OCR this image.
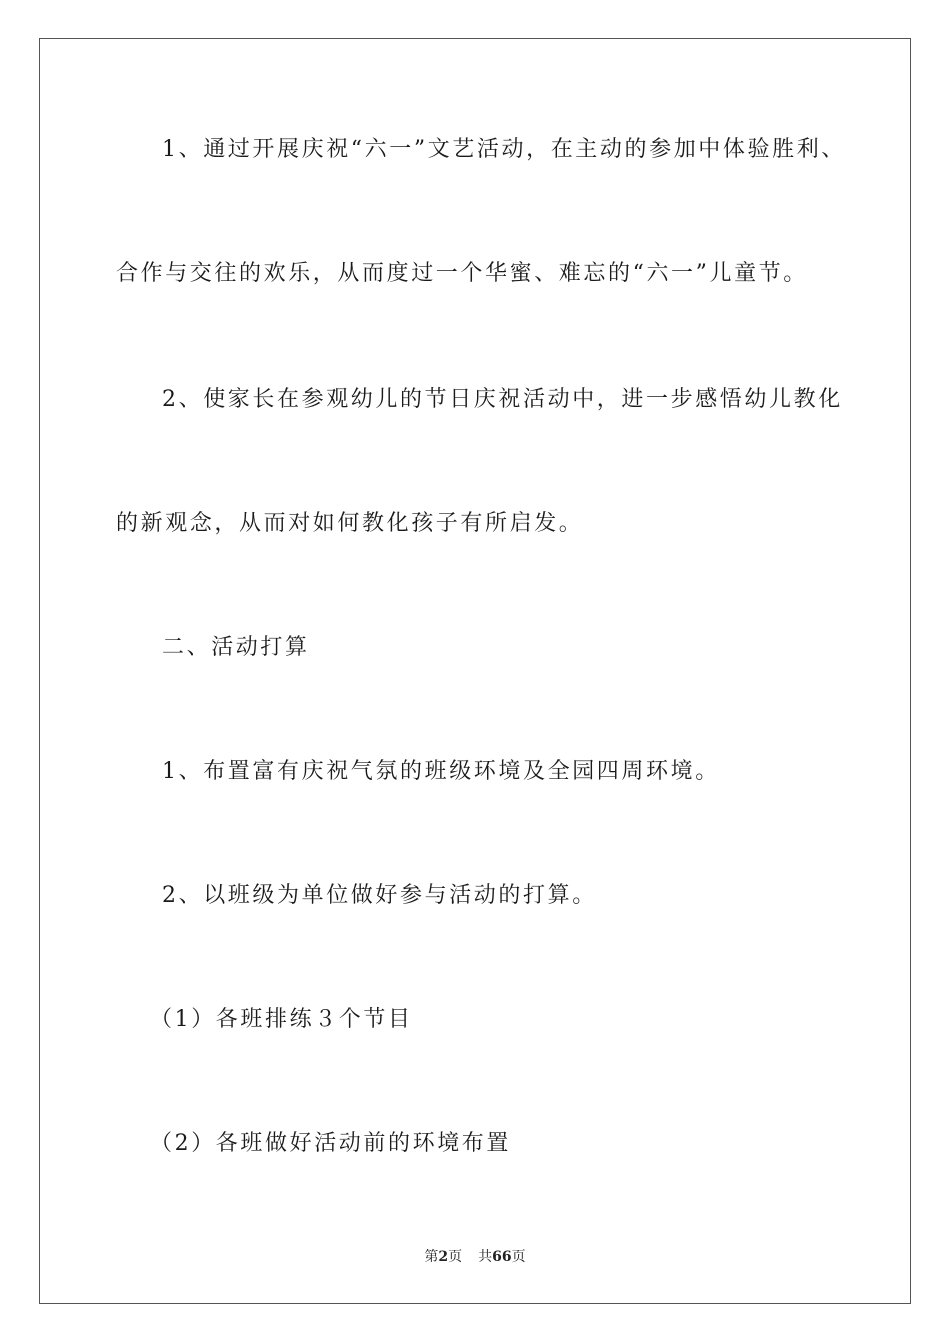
1、通过开展庆祝“六一”文艺活动，在主动的参加中体验胜利、
合作与交往的欢乐，从而度过一个华蜜、难忘的“六一”儿童节。
2、使家长在参观幼儿的节日庆祝活动中，进一步感悟幼儿教化
的新观念，从而对如何教化孩子有所启发。
二、活动打算
1、布置富有庆祝气氛的班级环境及全园四周环境。
2、以班级为单位做好参与活动的打算。
（1）各班排练３个节目
（2）各班做好活动前的环境布置
第2页 共66页
